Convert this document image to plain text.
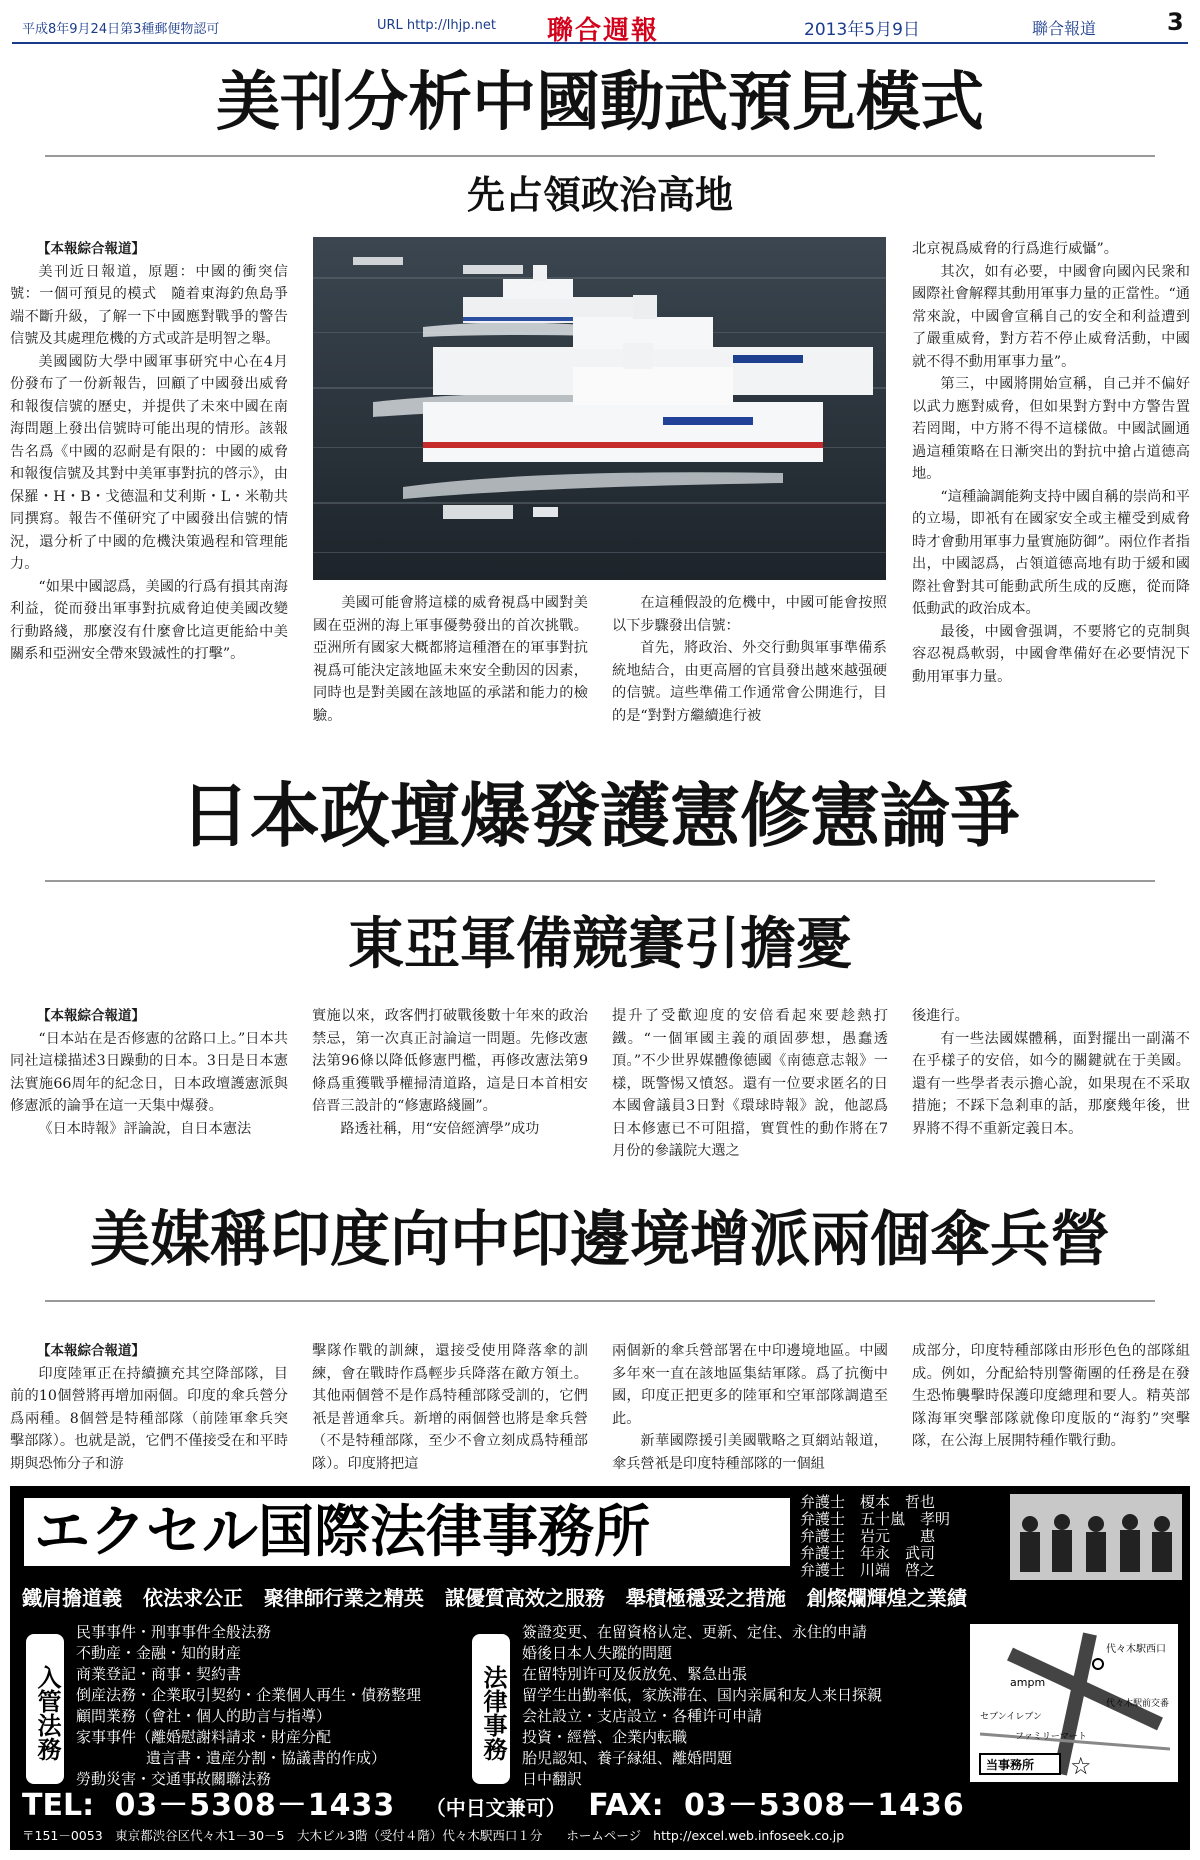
平成8年9月24日第3種郵便物認可	URL http://lhjp.net 聯合週報	2013年5月9日	聯合報道	3
美刊分析中國動武預見模式
先占領政治高地

【本報綜合報道】

美刊近日報道，原題：中國的衝突信號：一個可預見的模式　隨着東海釣魚島爭端不斷升級，了解一下中國應對戰爭的警告信號及其處理危機的方式或許是明智之舉。

美國國防大學中國軍事研究中心在4月份發布了一份新報告，回顧了中國發出威脅和報復信號的歷史，并提供了未來中國在南海問題上發出信號時可能出現的情形。該報告名爲《中國的忍耐是有限的：中國的威脅和報復信號及其對中美軍事對抗的啓示》，由保羅・H・B・戈德温和艾利斯・L・米勒共同撰寫。報告不僅研究了中國發出信號的情況，還分析了中國的危機決策過程和管理能力。

“如果中國認爲，美國的行爲有損其南海利益，從而發出軍事對抗威脅迫使美國改變行動路綫，那麼沒有什麼會比這更能給中美關系和亞洲安全帶來毀滅性的打擊”。

美國可能會將這樣的威脅視爲中國對美國在亞洲的海上軍事優勢發出的首次挑戰。亞洲所有國家大概都將這種潛在的軍事對抗視爲可能決定該地區未來安全動因的因素，同時也是對美國在該地區的承諾和能力的檢驗。

在這種假設的危機中，中國可能會按照以下步驟發出信號：

首先，將政治、外交行動與軍事準備系統地結合，由更高層的官員發出越來越强硬的信號。這些準備工作通常會公開進行，目的是“對對方繼續進行被

北京視爲威脅的行爲進行威懾”。

其次，如有必要，中國會向國內民衆和國際社會解釋其動用軍事力量的正當性。“通常來說，中國會宣稱自己的安全和利益遭到了嚴重威脅，對方若不停止威脅活動，中國就不得不動用軍事力量”。

第三，中國將開始宣稱，自己并不偏好以武力應對威脅，但如果對方對中方警告置若罔聞，中方將不得不這樣做。中國試圖通過這種策略在日漸突出的對抗中搶占道德高地。

“這種論調能夠支持中國自稱的崇尚和平的立場，即衹有在國家安全或主權受到威脅時才會動用軍事力量實施防御”。兩位作者指出，中國認爲，占領道德高地有助于緩和國際社會對其可能動武所生成的反應，從而降低動武的政治成本。

最後，中國會强调，不要將它的克制與容忍視爲軟弱，中國會準備好在必要情況下動用軍事力量。

日本政壇爆發護憲修憲論爭
東亞軍備競賽引擔憂

【本報綜合報道】

“日本站在是否修憲的岔路口上。”日本共同社這樣描述3日躁動的日本。3日是日本憲法實施66周年的紀念日，日本政壇護憲派與修憲派的論爭在這一天集中爆發。

《日本時報》評論說，自日本憲法

實施以來，政客們打破戰後數十年來的政治禁忌，第一次真正討論這一問題。先修改憲法第96條以降低修憲門檻，再修改憲法第9條爲重獲戰爭權掃清道路，這是日本首相安倍晋三設計的“修憲路綫圖”。

路透社稱，用“安倍經濟學”成功

提升了受歡迎度的安倍看起來要趁熱打鐵。“一個軍國主義的頑固夢想，愚蠢透頂。”不少世界媒體像德國《南德意志報》一樣，既警惕又憤怒。還有一位要求匿名的日本國會議員3日對《環球時報》說，他認爲日本修憲已不可阻擋，實質性的動作將在7月份的參議院大選之

後進行。

有一些法國媒體稱，面對擺出一副滿不在乎樣子的安倍，如今的關鍵就在于美國。還有一些學者表示擔心說，如果現在不采取措施；不踩下急剎車的話，那麼幾年後，世界將不得不重新定義日本。

美媒稱印度向中印邊境增派兩個傘兵營

【本報綜合報道】

印度陸軍正在持續擴充其空降部隊，目前的10個營將再增加兩個。印度的傘兵營分爲兩種。8個營是特種部隊（前陸軍傘兵突擊部隊）。也就是説，它們不僅接受在和平時期與恐怖分子和游

擊隊作戰的訓練，還接受使用降落傘的訓練，會在戰時作爲輕步兵降落在敵方領土。其他兩個營不是作爲特種部隊受訓的，它們衹是普通傘兵。新增的兩個營也將是傘兵營（不是特種部隊，至少不會立刻成爲特種部隊）。印度將把這

兩個新的傘兵營部署在中印邊境地區。中國多年來一直在該地區集結軍隊。爲了抗衡中國，印度正把更多的陸軍和空軍部隊調遣至此。

新華國際援引美國戰略之頁網站報道，傘兵營衹是印度特種部隊的一個組

成部分，印度特種部隊由形形色色的部隊組成。例如，分配給特別警衛團的任務是在發生恐怖襲擊時保護印度總理和要人。精英部隊海軍突擊部隊就像印度版的“海豹”突擊隊，在公海上展開特種作戰行動。

エクセル国際法律事務所	弁護士　 榎本　哲也
弁護士　 五十嵐　孝明
弁護士　 岩元　　惠
弁護士　 年永　武司
弁護士　 川端　啓之
鐵肩擔道義 依法求公正 聚律師行業之精英 謀優質高效之服務 舉積極穩妥之措施 創燦爛輝煌之業績
入管法務
民事事件・刑事事件全般法務
不動産・金融・知的財産
商業登記・商事・契約書
倒産法務・企業取引契約・企業個人再生・債務整理
顧問業務（會社・個人的助言与指導）
家事事件（離婚慰謝料請求・財産分配
遺言書・遺産分割・協議書的作成）
勞動災害・交通事故關聯法務
法律事務
簽證変更、在留資格认定、更新、定住、永住的申請
婚後日本人失蹤的問題
在留特別许可及仮放免、緊急出張
留学生出勤率低，家族滞在、国内亲属和友人来日探親
会社設立・支店設立・各種许可申請
投資・經營、企業内転職
胎児認知、養子縁組、離婚問題
日中翻訳
代々木駅西口
ampm
代々木駅前交番
セブンイレブン
ファミリーマート
当事務所 ☆
TEL: 03－5308－1433 （中日文兼可） FAX: 03－5308－1436
〒151－0053　東京都渋谷区代々木1－30－5　大木ビル3階（受付４階）代々木駅西口１分 ホームページ http://excel.web.infoseek.co.jp
